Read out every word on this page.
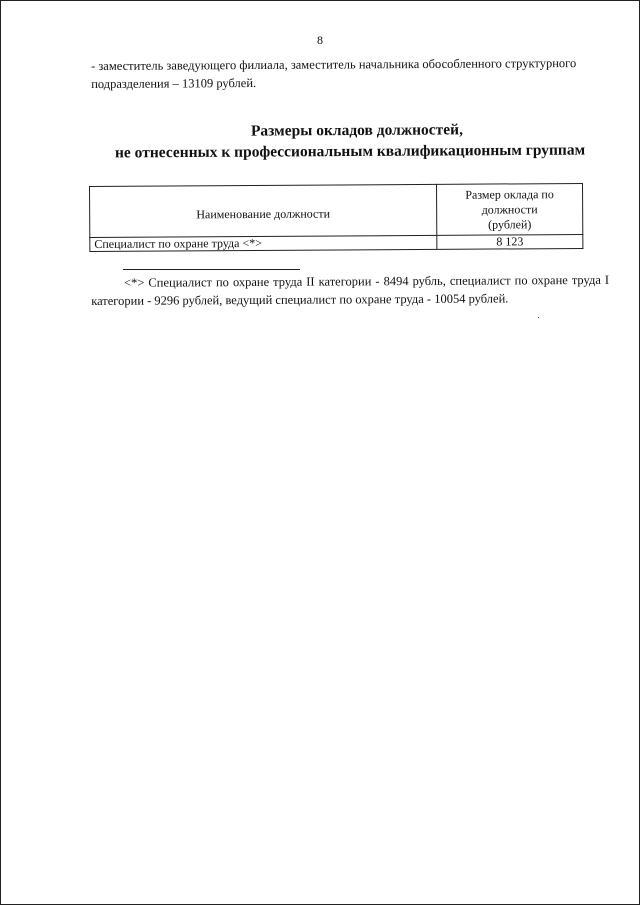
8
- заместитель заведующего филиала, заместитель начальника обособленного структурного
подразделения – 13109 рублей.
Размеры окладов должностей,
не отнесенных к профессиональным квалификационным группам
Наименование должности	Размер оклада по
должности
(рублей)
Специалист по охране труда <*>	8 123
<*> Специалист по охране труда II категории - 8494 рубль, специалист по охране труда I категории - 9296 рублей, ведущий специалист по охране труда - 10054 рублей.
